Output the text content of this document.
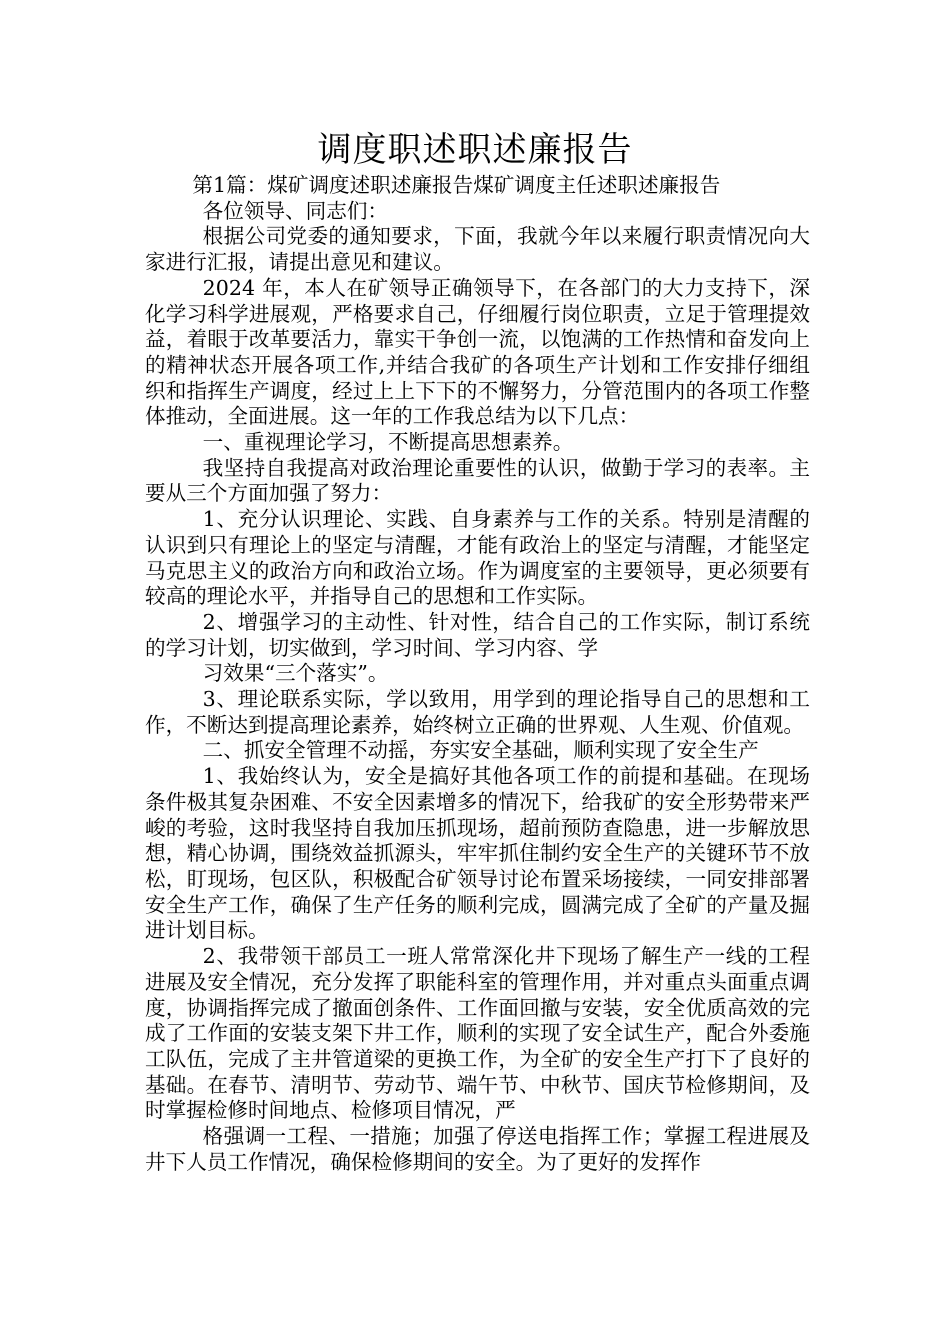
调度职述职述廉报告

第1篇：煤矿调度述职述廉报告煤矿调度主任述职述廉报告

各位领导、同志们：

根据公司党委的通知要求，下面，我就今年以来履行职责情况向大家进行汇报，请提出意见和建议。

2024 年，本人在矿领导正确领导下，在各部门的大力支持下，深化学习科学进展观，严格要求自己，仔细履行岗位职责，立足于管理提效益，着眼于改革要活力，靠实干争创一流，以饱满的工作热情和奋发向上的精神状态开展各项工作,并结合我矿的各项生产计划和工作安排仔细组织和指挥生产调度，经过上上下下的不懈努力，分管范围内的各项工作整体推动，全面进展。这一年的工作我总结为以下几点：

一、重视理论学习，不断提高思想素养。

我坚持自我提高对政治理论重要性的认识，做勤于学习的表率。主要从三个方面加强了努力：

1、充分认识理论、实践、自身素养与工作的关系。特别是清醒的认识到只有理论上的坚定与清醒，才能有政治上的坚定与清醒，才能坚定马克思主义的政治方向和政治立场。作为调度室的主要领导，更必须要有较高的理论水平，并指导自己的思想和工作实际。

2、增强学习的主动性、针对性，结合自己的工作实际，制订系统的学习计划，切实做到，学习时间、学习内容、学

习效果“三个落实”。

3、理论联系实际，学以致用，用学到的理论指导自己的思想和工作，不断达到提高理论素养，始终树立正确的世界观、人生观、价值观。

二、抓安全管理不动摇，夯实安全基础，顺利实现了安全生产

1、我始终认为，安全是搞好其他各项工作的前提和基础。在现场条件极其复杂困难、不安全因素增多的情况下，给我矿的安全形势带来严峻的考验，这时我坚持自我加压抓现场，超前预防查隐患，进一步解放思想，精心协调，围绕效益抓源头，牢牢抓住制约安全生产的关键环节不放松，盯现场，包区队，积极配合矿领导讨论布置采场接续，一同安排部署安全生产工作，确保了生产任务的顺利完成，圆满完成了全矿的产量及掘进计划目标。

2、我带领干部员工一班人常常深化井下现场了解生产一线的工程进展及安全情况，充分发挥了职能科室的管理作用，并对重点头面重点调度，协调指挥完成了撤面创条件、工作面回撤与安装，安全优质高效的完成了工作面的安装支架下井工作，顺利的实现了安全试生产，配合外委施工队伍，完成了主井管道梁的更换工作，为全矿的安全生产打下了良好的基础。在春节、清明节、劳动节、端午节、中秋节、国庆节检修期间，及时掌握检修时间地点、检修项目情况，严

格强调一工程、一措施；加强了停送电指挥工作；掌握工程进展及井下人员工作情况，确保检修期间的安全。为了更好的发挥作
